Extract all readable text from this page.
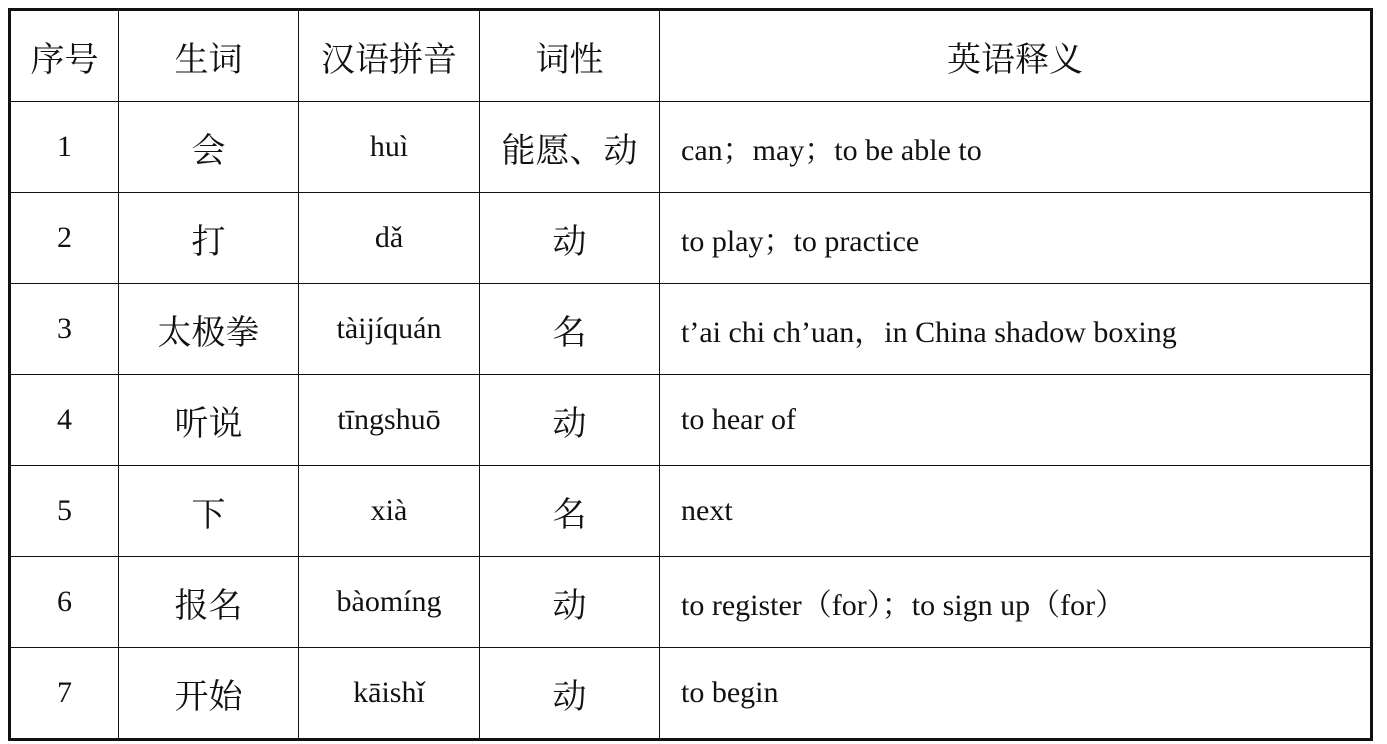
序号	生词	汉语拼音	词性	英语释义
1	会	huì	能愿、动	can；may；to be able to
2	打	dǎ	动	to play；to practice
3	太极拳	tàijíquán	名	t’ai chi ch’uan，in China shadow boxing
4	听说	tīngshuō	动	to hear of
5	下	xià	名	next
6	报名	bàomíng	动	to register（for）；to sign up（for）
7	开始	kāishǐ	动	to begin
